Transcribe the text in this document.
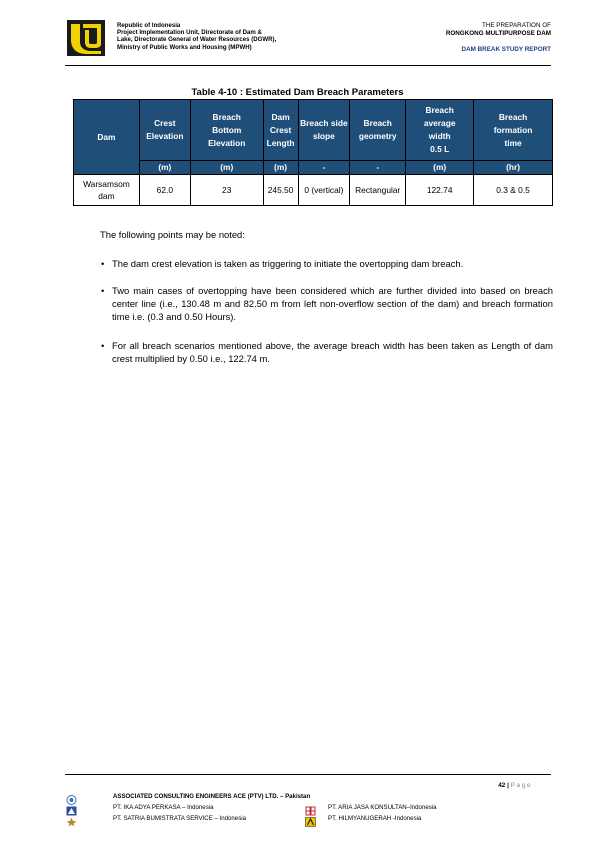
Republic of Indonesia
Project Implementation Unit, Directorate of Dam &
Lake, Directorate General of Water Resources (DGWR),
Ministry of Public Works and Housing (MPWH)
THE PREPARATION OF
RONGKONG MULTIPURPOSE DAM
DAM BREAK STUDY REPORT
Table 4-10 : Estimated Dam Breach Parameters
Dam	Crest Elevation	Breach Bottom Elevation	Dam Crest Length	Breach side slope	Breach geometry	Breach average width 0.5 L	Breach formation time
	(m)	(m)	(m)	-	-	(m)	(hr)
Warsamsom dam	62.0	23	245.50	0 (vertical)	Rectangular	122.74	0.3 & 0.5
The following points may be noted:
• The dam crest elevation is taken as triggering to initiate the overtopping dam breach.
• Two main cases of overtopping have been considered which are further divided into based on breach center line (i.e., 130.48 m and 82.50 m from left non-overflow section of the dam) and breach formation time i.e. (0.3 and 0.50 Hours).
• For all breach scenarios mentioned above, the average breach width has been taken as Length of dam crest multiplied by 0.50 i.e., 122.74 m.
42 | Page
ASSOCIATED CONSULTING ENGINEERS ACE (PTV) LTD. – Pakistan
PT. IKA ADYA PERKASA – Indonesia
PT. SATRIA BUMISTRATA SERVICE – Indonesia
PT. ARIA JASA KONSULTAN–Indonesia
PT. HILMYANUGERAH -Indonesia
